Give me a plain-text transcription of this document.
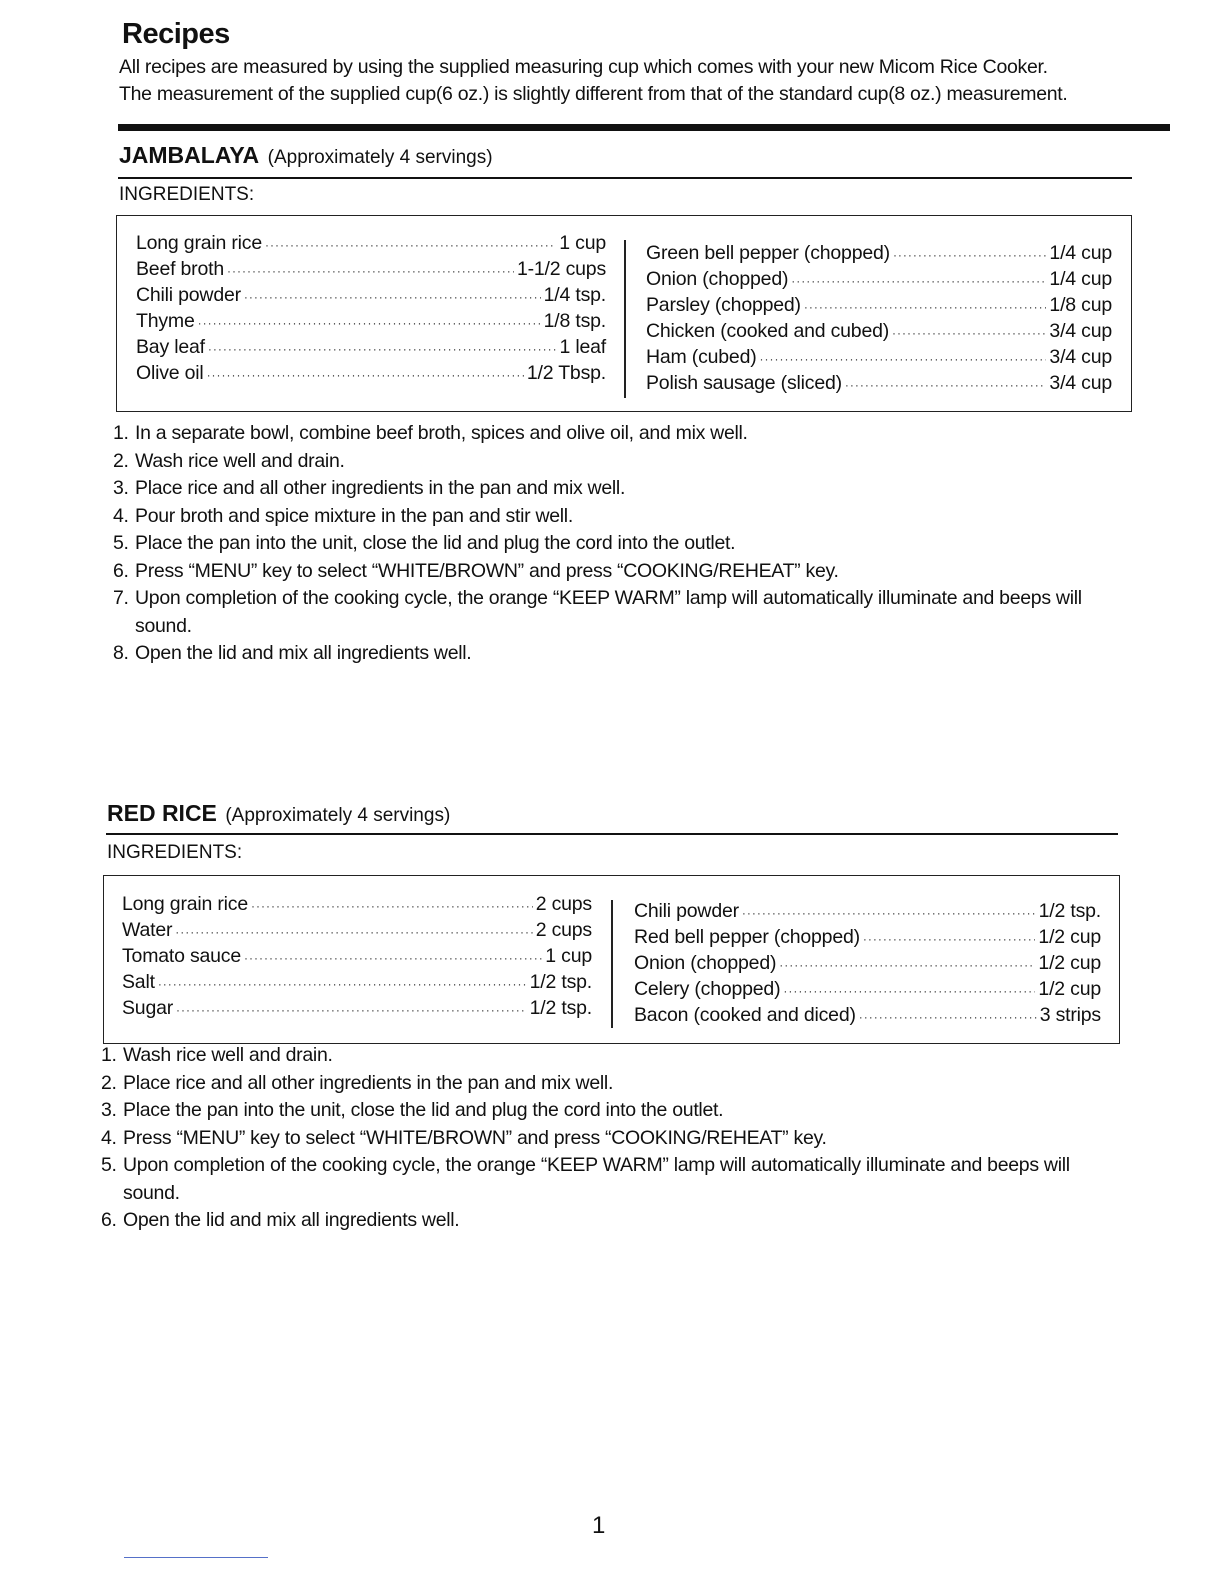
Recipes
All recipes are measured by using the supplied measuring cup which comes with your new Micom Rice Cooker.
The measurement of the supplied cup(6 oz.) is slightly different from that of the standard cup(8 oz.) measurement.
JAMBALAYA (Approximately 4 servings)
INGREDIENTS:
Long grain rice ·····	1 cup
Beef broth ·····	1-1/2 cups
Chili powder ·····	1/4 tsp.
Thyme ·····	1/8 tsp.
Bay leaf ·····	1 leaf
Olive oil ·····	1/2 Tbsp.
Green bell pepper (chopped) ·····	1/4 cup
Onion (chopped) ·····	1/4 cup
Parsley (chopped) ·····	1/8 cup
Chicken (cooked and cubed) ·····	3/4 cup
Ham (cubed) ·····	3/4 cup
Polish sausage (sliced) ·····	3/4 cup
1. In a separate bowl, combine beef broth, spices and olive oil, and mix well.
2. Wash rice well and drain.
3. Place rice and all other ingredients in the pan and mix well.
4. Pour broth and spice mixture in the pan and stir well.
5. Place the pan into the unit, close the lid and plug the cord into the outlet.
6. Press “MENU” key to select “WHITE/BROWN” and press “COOKING/REHEAT” key.
7. Upon completion of the cooking cycle, the orange “KEEP WARM” lamp will automatically illuminate and beeps will sound.
8. Open the lid and mix all ingredients well.
RED RICE (Approximately 4 servings)
INGREDIENTS:
Long grain rice ·····	2 cups
Water ·····	2 cups
Tomato sauce ·····	1 cup
Salt ·····	1/2 tsp.
Sugar ·····	1/2 tsp.
Chili powder ·····	1/2 tsp.
Red bell pepper (chopped) ·····	1/2 cup
Onion (chopped) ·····	1/2 cup
Celery (chopped) ·····	1/2 cup
Bacon (cooked and diced) ·····	3 strips
1. Wash rice well and drain.
2. Place rice and all other ingredients in the pan and mix well.
3. Place the pan into the unit, close the lid and plug the cord into the outlet.
4. Press “MENU” key to select “WHITE/BROWN” and press “COOKING/REHEAT” key.
5. Upon completion of the cooking cycle, the orange “KEEP WARM” lamp will automatically illuminate and beeps will sound.
6. Open the lid and mix all ingredients well.
1
